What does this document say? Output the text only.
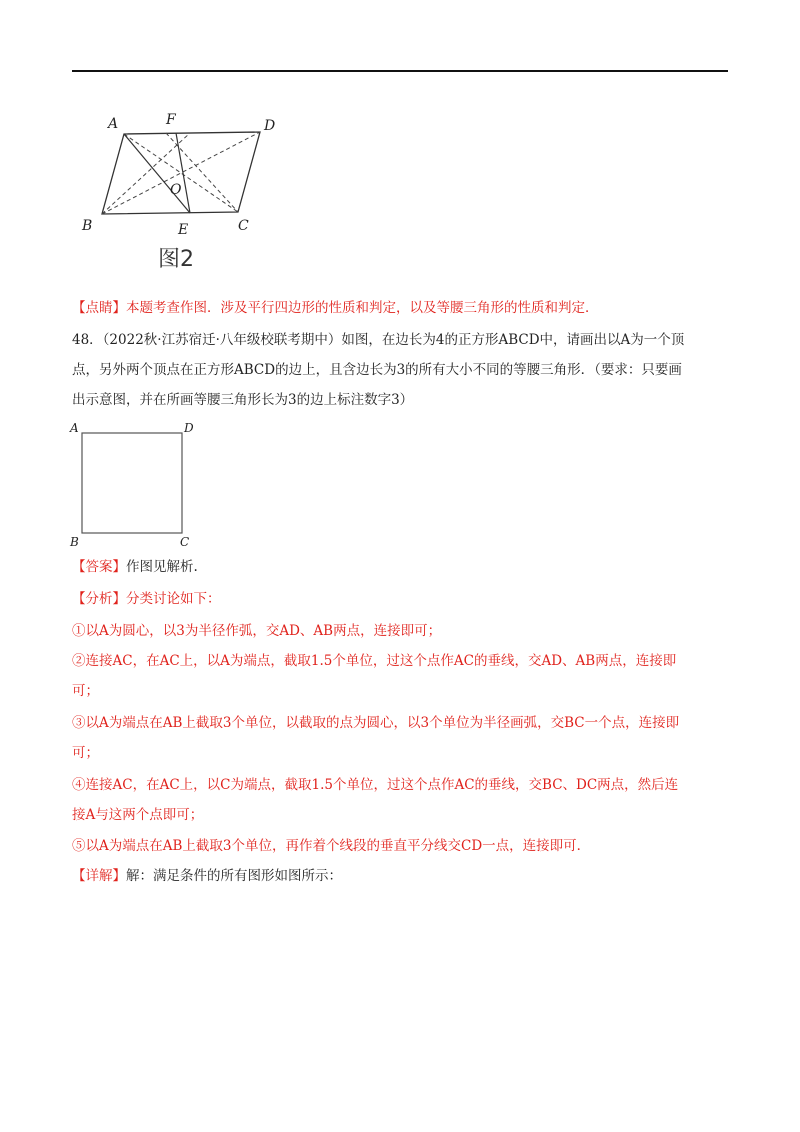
A	F	D
O
B	E	C
图2
【点睛】本题考查作图．涉及平行四边形的性质和判定，以及等腰三角形的性质和判定．
48．（2022秋·江苏宿迁·八年级校联考期中）如图，在边长为4的正方形ABCD中，请画出以A为一个顶
点，另外两个顶点在正方形ABCD的边上，且含边长为3的所有大小不同的等腰三角形．（要求：只要画
出示意图，并在所画等腰三角形长为3的边上标注数字3）
A	D
B	C
【答案】作图见解析.
【分析】分类讨论如下：
①以A为圆心，以3为半径作弧，交AD、AB两点，连接即可；
②连接AC，在AC上，以A为端点，截取1.5个单位，过这个点作AC的垂线，交AD、AB两点，连接即
可；
③以A为端点在AB上截取3个单位，以截取的点为圆心，以3个单位为半径画弧，交BC一个点，连接即
可；
④连接AC，在AC上，以C为端点，截取1.5个单位，过这个点作AC的垂线，交BC、DC两点，然后连
接A与这两个点即可；
⑤以A为端点在AB上截取3个单位，再作着个线段的垂直平分线交CD一点，连接即可．
【详解】解：满足条件的所有图形如图所示：
